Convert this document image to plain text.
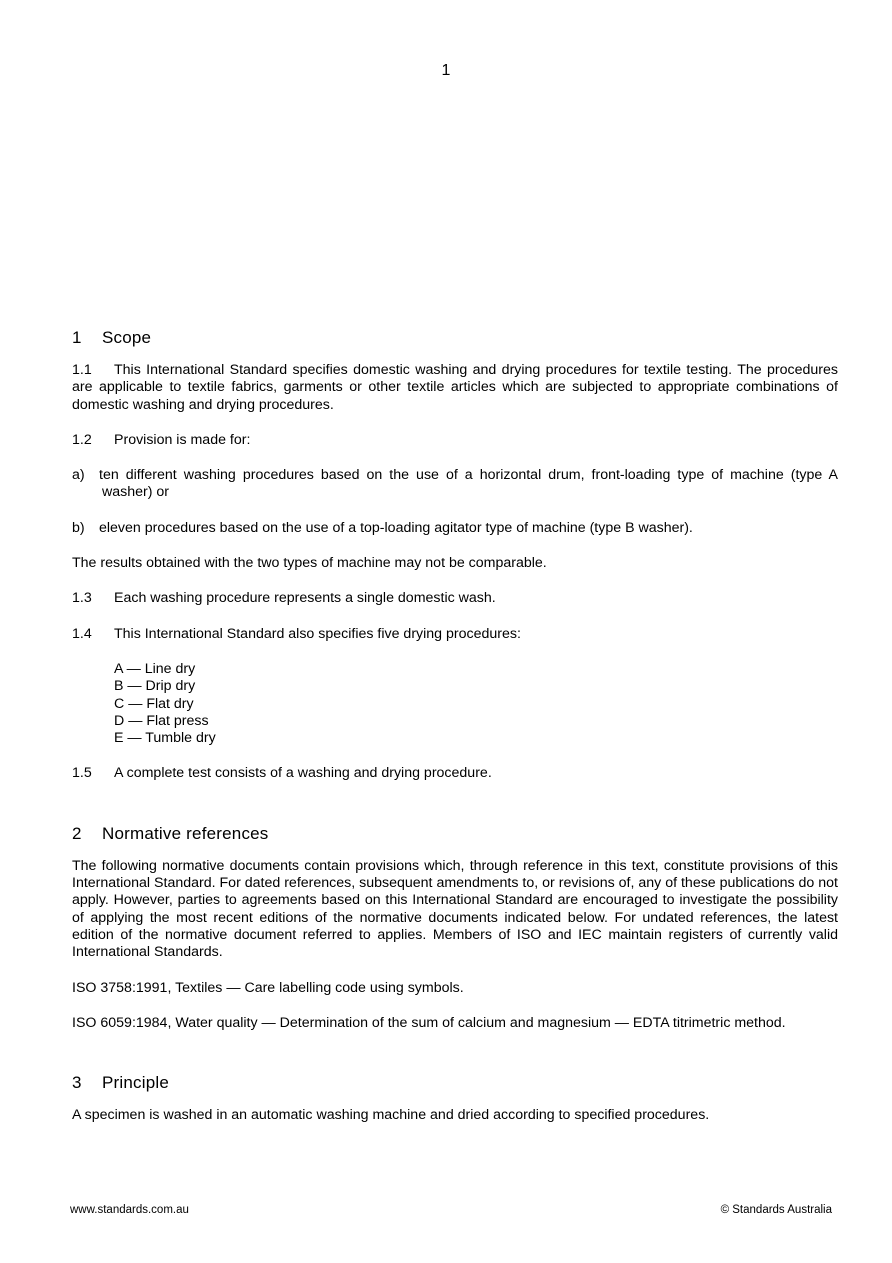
1
1 Scope
1.1 This International Standard specifies domestic washing and drying procedures for textile testing. The procedures are applicable to textile fabrics, garments or other textile articles which are subjected to appropriate combinations of domestic washing and drying procedures.
1.2 Provision is made for:
a) ten different washing procedures based on the use of a horizontal drum, front-loading type of machine (type A washer) or
b) eleven procedures based on the use of a top-loading agitator type of machine (type B washer).
The results obtained with the two types of machine may not be comparable.
1.3 Each washing procedure represents a single domestic wash.
1.4 This International Standard also specifies five drying procedures:
A — Line dry
B — Drip dry
C — Flat dry
D — Flat press
E — Tumble dry
1.5 A complete test consists of a washing and drying procedure.
2 Normative references
The following normative documents contain provisions which, through reference in this text, constitute provisions of this International Standard. For dated references, subsequent amendments to, or revisions of, any of these publications do not apply. However, parties to agreements based on this International Standard are encouraged to investigate the possibility of applying the most recent editions of the normative documents indicated below. For undated references, the latest edition of the normative document referred to applies. Members of ISO and IEC maintain registers of currently valid International Standards.
ISO 3758:1991, Textiles — Care labelling code using symbols.
ISO 6059:1984, Water quality — Determination of the sum of calcium and magnesium — EDTA titrimetric method.
3 Principle
A specimen is washed in an automatic washing machine and dried according to specified procedures.
www.standards.com.au	© Standards Australia
